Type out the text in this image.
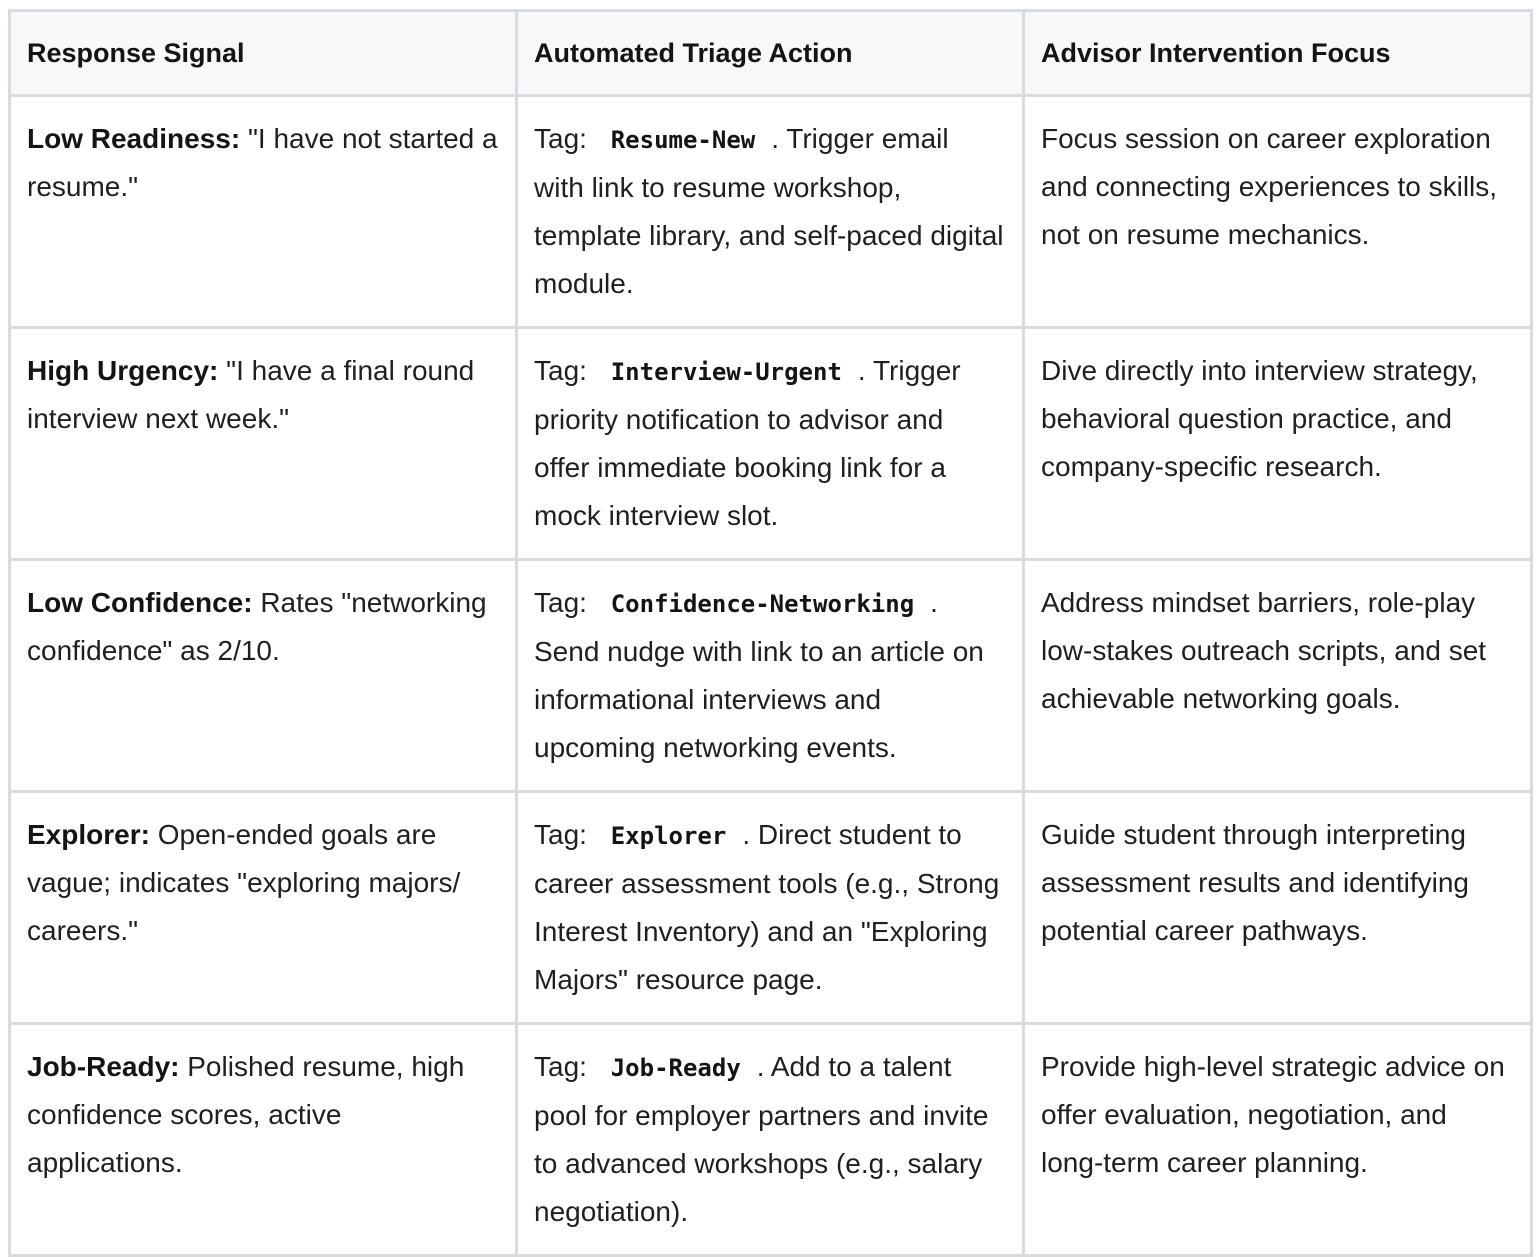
Response Signal	Automated Triage Action	Advisor Intervention Focus
Low Readiness: "I have not started a resume."	Tag: Resume-New . Trigger email with link to resume workshop, template library, and self-paced digital module.	Focus session on career exploration and connecting experiences to skills, not on resume mechanics.
High Urgency: "I have a final round interview next week."	Tag: Interview-Urgent . Trigger priority notification to advisor and offer immediate booking link for a mock interview slot.	Dive directly into interview strategy, behavioral question practice, and company-specific research.
Low Confidence: Rates "networking confidence" as 2/10.	Tag: Confidence-Networking . Send nudge with link to an article on informational interviews and upcoming networking events.	Address mindset barriers, role-play low-stakes outreach scripts, and set achievable networking goals.
Explorer: Open-ended goals are vague; indicates "exploring majors/ careers."	Tag: Explorer . Direct student to career assessment tools (e.g., Strong Interest Inventory) and an "Exploring Majors" resource page.	Guide student through interpreting assessment results and identifying potential career pathways.
Job-Ready: Polished resume, high confidence scores, active applications.	Tag: Job-Ready . Add to a talent pool for employer partners and invite to advanced workshops (e.g., salary negotiation).	Provide high-level strategic advice on offer evaluation, negotiation, and long-term career planning.
